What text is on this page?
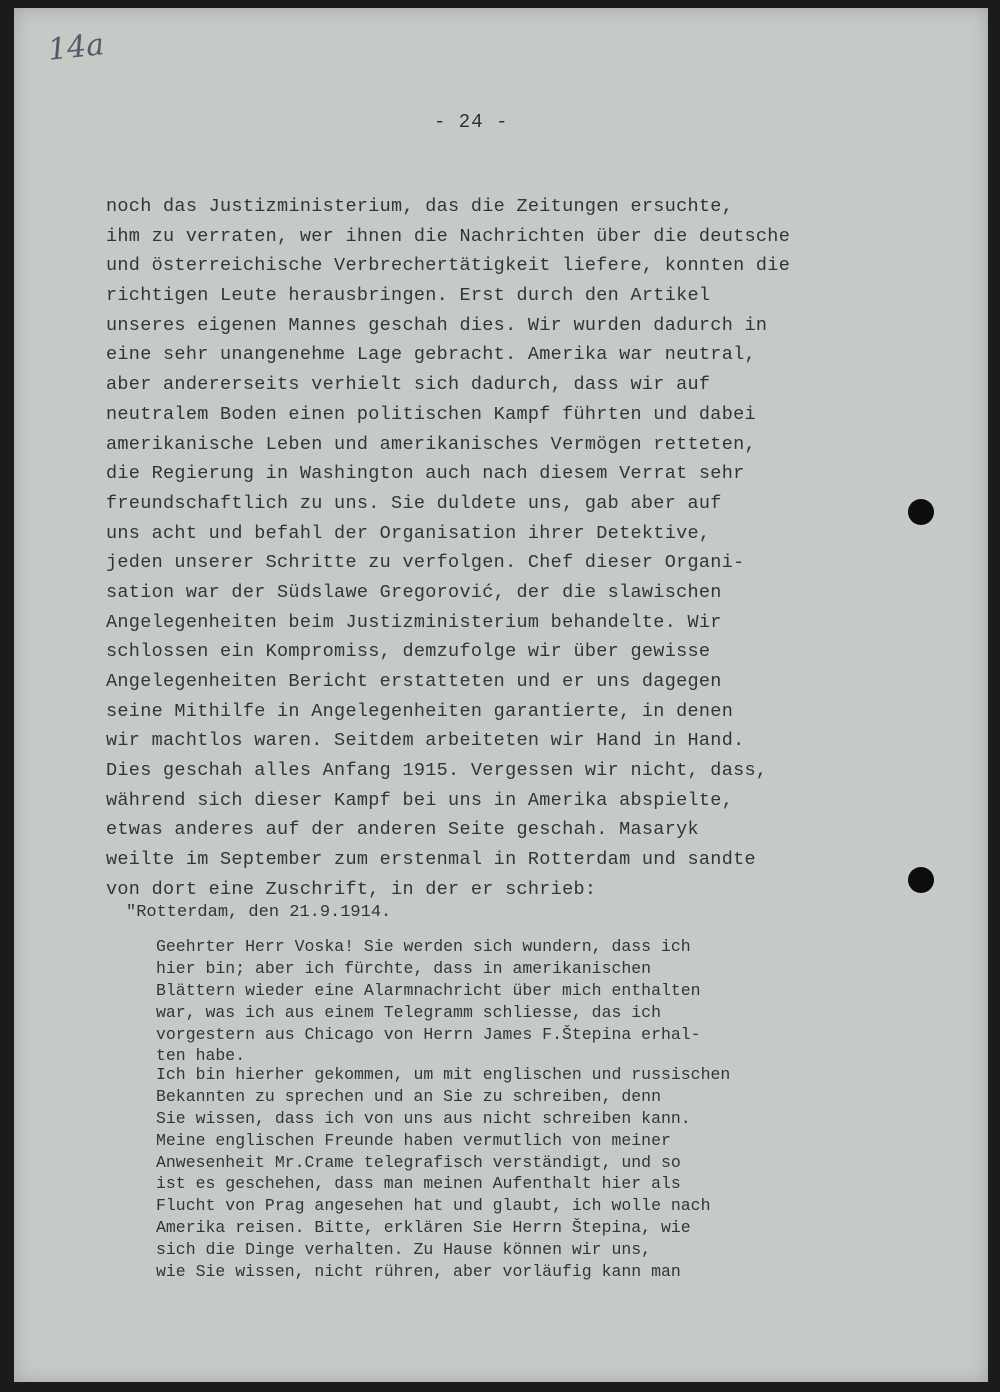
14a
- 24 -
noch das Justizministerium, das die Zeitungen ersuchte,
ihm zu verraten, wer ihnen die Nachrichten über die deutsche
und österreichische Verbrechertätigkeit liefere, konnten die
richtigen Leute herausbringen. Erst durch den Artikel
unseres eigenen Mannes geschah dies. Wir wurden dadurch in
eine sehr unangenehme Lage gebracht. Amerika war neutral,
aber andererseits verhielt sich dadurch, dass wir auf
neutralem Boden einen politischen Kampf führten und dabei
amerikanische Leben und amerikanisches Vermögen retteten,
die Regierung in Washington auch nach diesem Verrat sehr
freundschaftlich zu uns. Sie duldete uns, gab aber auf
uns acht und befahl der Organisation ihrer Detektive,
jeden unserer Schritte zu verfolgen. Chef dieser Organi-
sation war der Südslawe Gregorović, der die slawischen
Angelegenheiten beim Justizministerium behandelte. Wir
schlossen ein Kompromiss, demzufolge wir über gewisse
Angelegenheiten Bericht erstatteten und er uns dagegen
seine Mithilfe in Angelegenheiten garantierte, in denen
wir machtlos waren. Seitdem arbeiteten wir Hand in Hand.
Dies geschah alles Anfang 1915. Vergessen wir nicht, dass,
während sich dieser Kampf bei uns in Amerika abspielte,
etwas anderes auf der anderen Seite geschah. Masaryk
weilte im September zum erstenmal in Rotterdam und sandte
von dort eine Zuschrift, in der er schrieb:
"Rotterdam, den 21.9.1914.
Geehrter Herr Voska! Sie werden sich wundern, dass ich
hier bin; aber ich fürchte, dass in amerikanischen
Blättern wieder eine Alarmnachricht über mich enthalten
war, was ich aus einem Telegramm schliesse, das ich
vorgestern aus Chicago von Herrn James F.Štepina erhal-
ten habe.
Ich bin hierher gekommen, um mit englischen und russischen
Bekannten zu sprechen und an Sie zu schreiben, denn
Sie wissen, dass ich von uns aus nicht schreiben kann.
Meine englischen Freunde haben vermutlich von meiner
Anwesenheit Mr.Crame telegrafisch verständigt, und so
ist es geschehen, dass man meinen Aufenthalt hier als
Flucht von Prag angesehen hat und glaubt, ich wolle nach
Amerika reisen. Bitte, erklären Sie Herrn Štepina, wie
sich die Dinge verhalten. Zu Hause können wir uns,
wie Sie wissen, nicht rühren, aber vorläufig kann man
